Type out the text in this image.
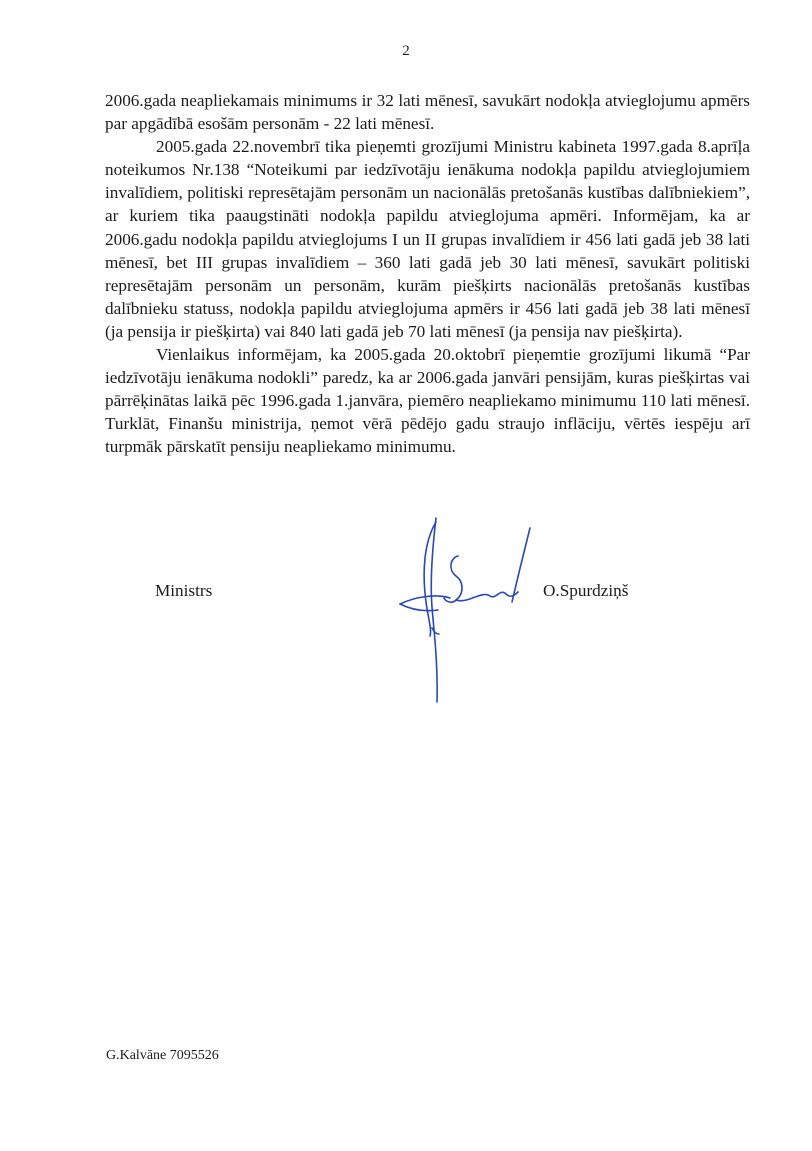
2

2006.gada neapliekamais minimums ir 32 lati mēnesī, savukārt nodokļa atvieglojumu apmērs par apgādībā esošām personām - 22 lati mēnesī.

2005.gada 22.novembrī tika pieņemti grozījumi Ministru kabineta 1997.gada 8.aprīļa noteikumos Nr.138 “Noteikumi par iedzīvotāju ienākuma nodokļa papildu atvieglojumiem invalīdiem, politiski represētajām personām un nacionālās pretošanās kustības dalībniekiem”, ar kuriem tika paaugstināti nodokļa papildu atvieglojuma apmēri. Informējam, ka ar 2006.gadu nodokļa papildu atvieglojums I un II grupas invalīdiem ir 456 lati gadā jeb 38 lati mēnesī, bet III grupas invalīdiem – 360 lati gadā jeb 30 lati mēnesī, savukārt politiski represētajām personām un personām, kurām piešķirts nacionālās pretošanās kustības dalībnieku statuss, nodokļa papildu atvieglojuma apmērs ir 456 lati gadā jeb 38 lati mēnesī (ja pensija ir piešķirta) vai 840 lati gadā jeb 70 lati mēnesī (ja pensija nav piešķirta).

Vienlaikus informējam, ka 2005.gada 20.oktobrī pieņemtie grozījumi likumā “Par iedzīvotāju ienākuma nodokli” paredz, ka ar 2006.gada janvāri pensijām, kuras piešķirtas vai pārrēķinātas laikā pēc 1996.gada 1.janvāra, piemēro neapliekamo minimumu 110 lati mēnesī. Turklāt, Finanšu ministrija, ņemot vērā pēdējo gadu straujo inflāciju, vērtēs iespēju arī turpmāk pārskatīt pensiju neapliekamo minimumu.

Ministrs	O.Spurdziņš
G.Kalvāne 7095526
